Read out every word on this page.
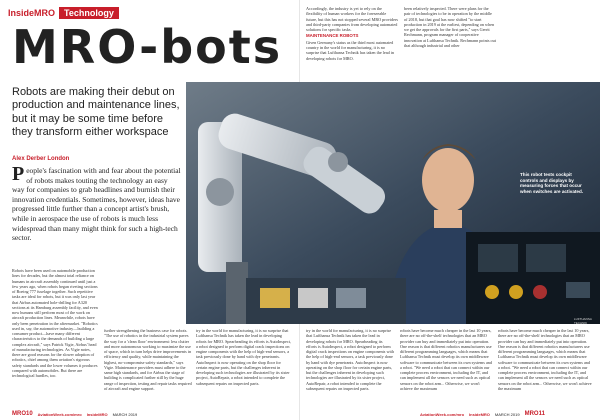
InsideMRO	Technology
MRO-bots
Robots are making their debut on production and maintenance lines, but it may be some time before they transform either workspace
Alex Derber London
People's fascination with and fear about the potential of robots makes touting the technology an easy way for companies to grab headlines and burnish their innovation credentials. Sometimes, however, ideas have progressed little further than a concept artist's brush, while in aerospace the use of robots is much less widespread than many might think for such a high-tech sector.
Accordingly, the industry is yet to rely on the flexibility of human workers for the foreseeable future, but this has not stopped several MRO providers and third-party companies from developing automated solutions for specific tasks.
MAINTENANCE ROBOTS
Given Germany's status as the third most automated country in the world for manufacturing, it is no surprise that Lufthansa Technik has taken the lead in developing robots for MRO.
been relatively inspected. There were plans for the pair of technologies to be in operation by the middle of 2018, but that goal has now shifted "to start production in 2019 at the earliest, depending on when we get the approvals for the first parts," says Gerrit Rechmann, program manager of cooperative innovation at Lufthansa Technik. Rechmann points out that although industrial and other
This robot tests cockpit controls and displays by measuring forces that occur when switches are activated.
LUFTHANSA TECHNIK
Robots have been used on automobile production lines for decades, but the almost total reliance on humans in aircraft assembly continued until just a few years ago, when robots began riveting sections of Boeing 777 fuselage together. Such repetitive tasks are ideal for robots, but it was only last year that Airbus automated hole-drilling for A320 sections at its Hamburg assembly facility, and even now humans still perform most of the work on aircraft production lines. Meanwhile, robots have only been penetration in the aftermarket. "Robotics used in, say, the automotive industry—building a consumer product—have many different characteristics to the demands of building a large complex aircraft," says Patrick Vigie, Airbus' head of manufacturing technologies. As Vigie notes, there are good reasons for the slower adoption of robotics, chief among them aviation's rigorous safety standards and the lower volumes it produces compared with automobiles. But there are technological hurdles, too.
further strengthening the business case for robots. "The use of robotics in the industrial system paves the way for a 'clean floor' environment: less clutter and more autonomous working to maximize the use of space, which in turn helps drive improvements in efficiency and quality, while maintaining the highest, no-compromise safety standards," says Vigie. Maintenance providers must adhere to the same high standards, and for Airbus the stage of building is complicated further still by the huge range of inspection, testing and repair tasks required of aircraft and engine support.
try in the world for manufacturing, it is no surprise that Lufthansa Technik has taken the lead in developing robots for MRO. Spearheading its efforts is AutoInspect, a robot designed to perform digital crack inspections on engine components with the help of high-end sensors, a task previously done by hand with dye penetrants. AutoInspect is now operating on the shop floor for certain engine parts, but the challenges inherent in developing such technologies are illustrated by its sister project, AutoRepair, a robot intended to complete the subsequent repairs on inspected parts.
try in the world for manufacturing, it is no surprise that Lufthansa Technik has taken the lead in developing robots for MRO. Spearheading its efforts is AutoInspect, a robot designed to perform digital crack inspections on engine components with the help of high-end sensors, a task previously done by hand with dye penetrants. AutoInspect is now operating on the shop floor for certain engine parts, but the challenges inherent in developing such technologies are illustrated by its sister project, AutoRepair, a robot intended to complete the subsequent repairs on inspected parts.
robots have become much cheaper in the last 10 years, there are no off-the-shelf technologies that an MRO provider can buy and immediately put into operation. One reason is that different robotics manufacturers use different programming languages, which means that Lufthansa Technik must develop its own middleware software to communicate between its own systems and a robot. "We need a robot that can connect within our complete process environment, including the IT, and can implement all the sensors we need such as optical sensors on the robot arm... Otherwise, we won't achieve the maximum
robots have become much cheaper in the last 10 years, there are no off-the-shelf technologies that an MRO provider can buy and immediately put into operation. One reason is that different robotics manufacturers use different programming languages, which means that Lufthansa Technik must develop its own middleware software to communicate between its own systems and a robot. "We need a robot that can connect within our complete process environment, including the IT, and can implement all the sensors we need such as optical sensors on the robot arm... Otherwise, we won't achieve the maximum
MRO10 AviationWeek.com/mro InsideMRO MARCH 2019	AviationWeek.com/mro InsideMRO MARCH 2019 MRO11
